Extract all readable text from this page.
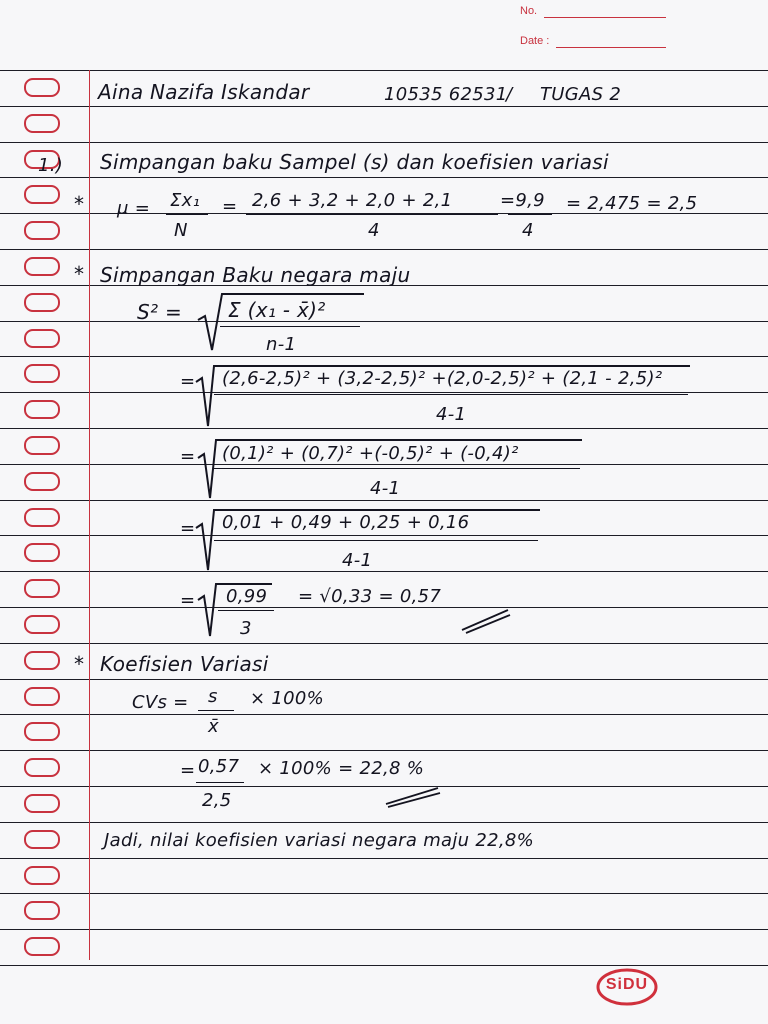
No.
Date :
Aina Nazifa Iskandar	10535 62531
/ TUGAS 2
1.) Simpangan baku Sampel (s) dan koefisien variasi
* μ = Σx₁
N
= 2,6 + 3,2 + 2,0 + 2,1
4
=9,9
4
= 2,475 = 2,5
* Simpangan Baku negara maju
S² = Σ (x₁ - x̄)²
n-1
= (2,6-2,5)² + (3,2-2,5)² +(2,0-2,5)² + (2,1 - 2,5)²
4-1
= (0,1)² + (0,7)² +(-0,5)² + (-0,4)²
4-1
= 0,01 + 0,49 + 0,25 + 0,16
4-1
= 0,99
3
= √0,33 = 0,57
* Koefisien Variasi
CVs = s
x̄
× 100%
= 0,57
2,5
× 100% = 22,8 %
Jadi, nilai koefisien variasi negara maju 22,8%
SiDU
